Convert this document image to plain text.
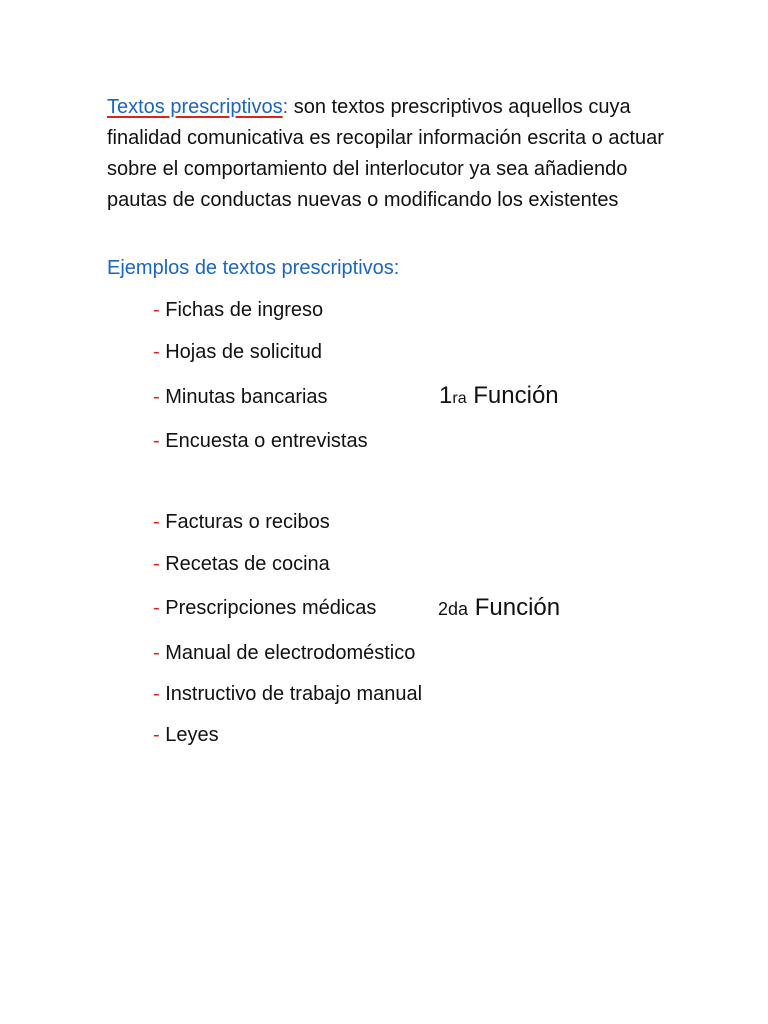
Textos prescriptivos: son textos prescriptivos aquellos cuya finalidad comunicativa es recopilar información escrita o actuar sobre el comportamiento del interlocutor ya sea añadiendo pautas de conductas nuevas o modificando los existentes

Ejemplos de textos prescriptivos:

- Fichas de ingreso
- Hojas de solicitud
- Minutas bancarias
- Encuesta o entrevistas
- Facturas o recibos
- Recetas de cocina
- Prescripciones médicas
- Manual de electrodoméstico
- Instructivo de trabajo manual
- Leyes
1ra Función
2da Función
